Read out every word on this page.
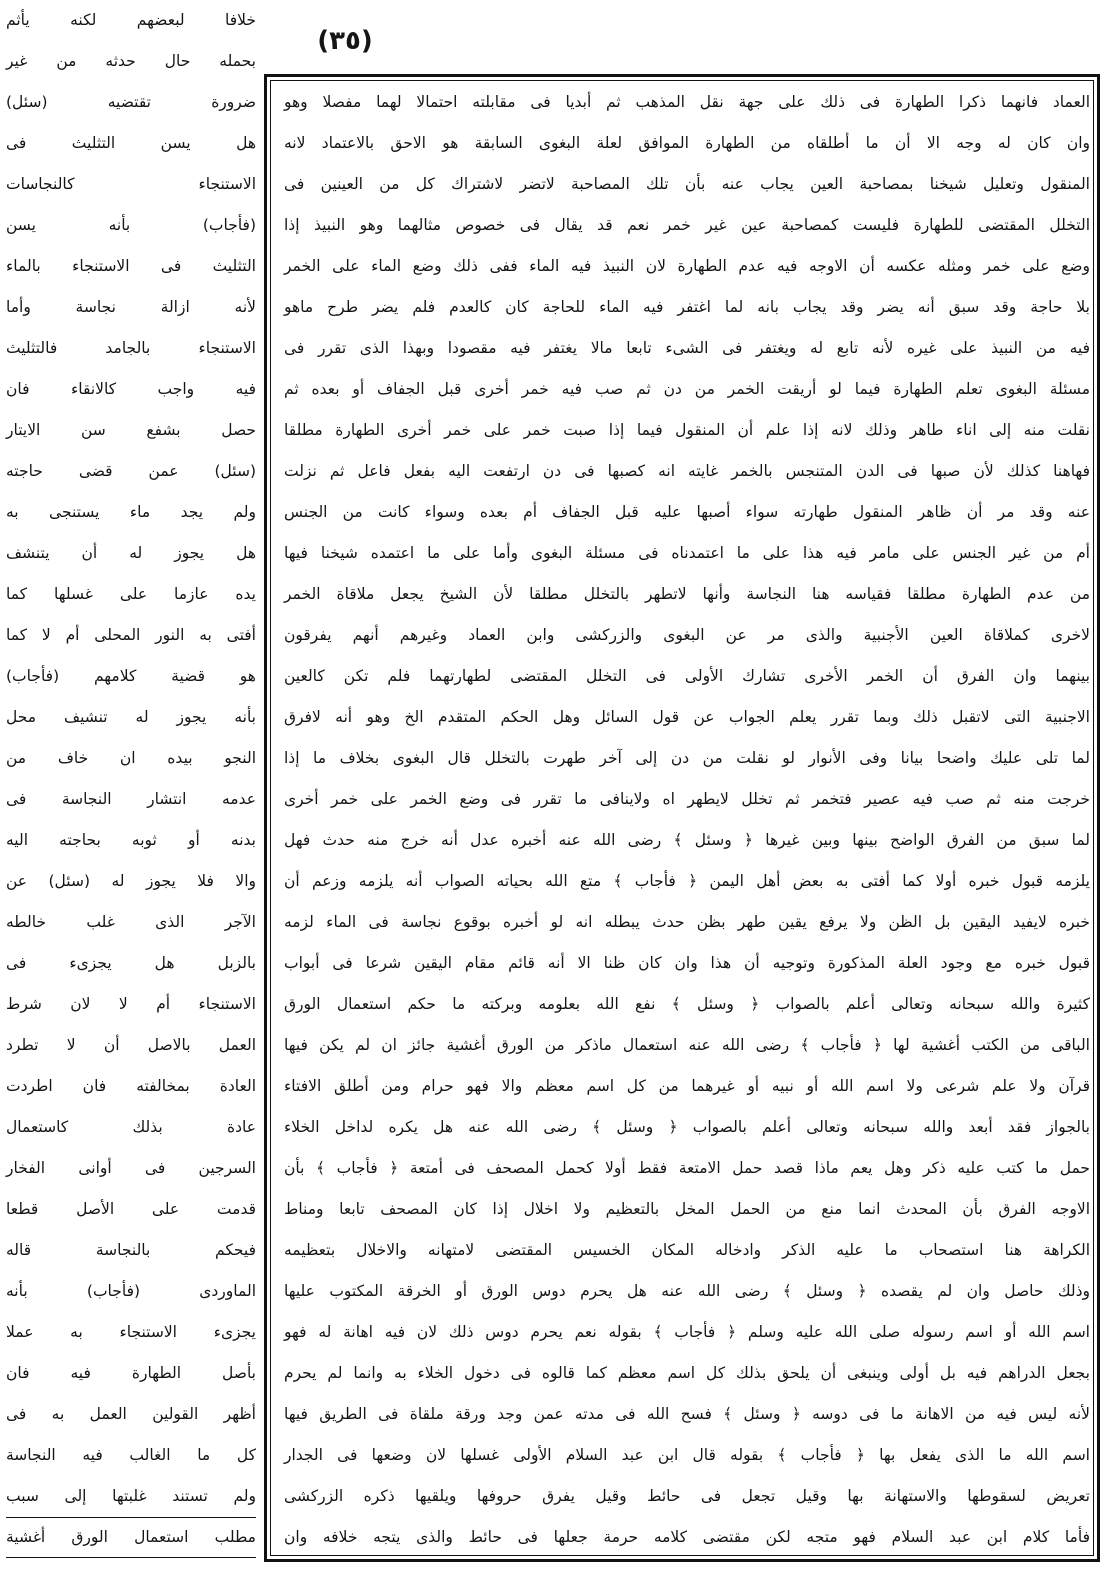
(٣٥)
العماد فانهما ذكرا الطهارة فى ذلك على جهة نقل المذهب ثم أبديا فى مقابلته احتمالا لهما مفصلا وهو
وان كان له وجه الا أن ما أطلقاه من الطهارة الموافق لعلة البغوى السابقة هو الاحق بالاعتماد لانه
المنقول وتعليل شيخنا بمصاحبة العين يجاب عنه بأن تلك المصاحبة لاتضر لاشتراك كل من العينين فى
التخلل المقتضى للطهارة فليست كمصاحبة عين غير خمر نعم قد يقال فى خصوص مثالهما وهو النبيذ إذا
وضع على خمر ومثله عكسه أن الاوجه فيه عدم الطهارة لان النبيذ فيه الماء ففى ذلك وضع الماء على الخمر
بلا حاجة وقد سبق أنه يضر وقد يجاب بانه لما اغتفر فيه الماء للحاجة كان كالعدم فلم يضر طرح ماهو
فيه من النبيذ على غيره لأنه تابع له ويغتفر فى الشىء تابعا مالا يغتفر فيه مقصودا وبهذا الذى تقرر فى
مسئلة البغوى تعلم الطهارة فيما لو أريقت الخمر من دن ثم صب فيه خمر أخرى قبل الجفاف أو بعده ثم
نقلت منه إلى اناء طاهر وذلك لانه إذا علم أن المنقول فيما إذا صبت خمر على خمر أخرى الطهارة مطلقا
فهاهنا كذلك لأن صبها فى الدن المتنجس بالخمر غايته انه كصبها فى دن ارتفعت اليه بفعل فاعل ثم نزلت
عنه وقد مر أن ظاهر المنقول طهارته سواء أصبها عليه قبل الجفاف أم بعده وسواء كانت من الجنس
أم من غير الجنس على مامر فيه هذا على ما اعتمدناه فى مسئلة البغوى وأما على ما اعتمده شيخنا فيها
من عدم الطهارة مطلقا فقياسه هنا النجاسة وأنها لاتطهر بالتخلل مطلقا لأن الشيخ يجعل ملاقاة الخمر
لاخرى كملاقاة العين الأجنبية والذى مر عن البغوى والزركشى وابن العماد وغيرهم أنهم يفرقون
بينهما وان الفرق أن الخمر الأخرى تشارك الأولى فى التخلل المقتضى لطهارتهما فلم تكن كالعين
الاجنبية التى لاتقبل ذلك وبما تقرر يعلم الجواب عن قول السائل وهل الحكم المتقدم الخ وهو أنه لافرق
لما تلى عليك واضحا بيانا وفى الأنوار لو نقلت من دن إلى آخر طهرت بالتخلل قال البغوى بخلاف ما إذا
خرجت منه ثم صب فيه عصير فتخمر ثم تخلل لايطهر اه ولاينافى ما تقرر فى وضع الخمر على خمر أخرى
لما سبق من الفرق الواضح بينها وبين غيرها ﴿ وسئل ﴾ رضى الله عنه أخبره عدل أنه خرج منه حدث فهل
يلزمه قبول خبره أولا كما أفتى به بعض أهل اليمن ﴿ فأجاب ﴾ متع الله بحياته الصواب أنه يلزمه وزعم أن
خبره لايفيد اليقين بل الظن ولا يرفع يقين طهر بظن حدث يبطله انه لو أخبره بوقوع نجاسة فى الماء لزمه
قبول خبره مع وجود العلة المذكورة وتوجيه أن هذا وان كان ظنا الا أنه قائم مقام اليقين شرعا فى أبواب
كثيرة والله سبحانه وتعالى أعلم بالصواب ﴿ وسئل ﴾ نفع الله بعلومه وبركته ما حكم استعمال الورق
الباقى من الكتب أغشية لها ﴿ فأجاب ﴾ رضى الله عنه استعمال ماذكر من الورق أغشية جائز ان لم يكن فيها
قرآن ولا علم شرعى ولا اسم الله أو نبيه أو غيرهما من كل اسم معظم والا فهو حرام ومن أطلق الافتاء
بالجواز فقد أبعد والله سبحانه وتعالى أعلم بالصواب ﴿ وسئل ﴾ رضى الله عنه هل يكره لداخل الخلاء
حمل ما كتب عليه ذكر وهل يعم ماذا قصد حمل الامتعة فقط أولا كحمل المصحف فى أمتعة ﴿ فأجاب ﴾ بأن
الاوجه الفرق بأن المحدث انما منع من الحمل المخل بالتعظيم ولا اخلال إذا كان المصحف تابعا ومناط
الكراهة هنا استصحاب ما عليه الذكر وادخاله المكان الخسيس المقتضى لامتهانه والاخلال بتعظيمه
وذلك حاصل وان لم يقصده ﴿ وسئل ﴾ رضى الله عنه هل يحرم دوس الورق أو الخرقة المكتوب عليها
اسم الله أو اسم رسوله صلى الله عليه وسلم ﴿ فأجاب ﴾ بقوله نعم يحرم دوس ذلك لان فيه اهانة له فهو
بجعل الدراهم فيه بل أولى وينبغى أن يلحق بذلك كل اسم معظم كما قالوه فى دخول الخلاء به وانما لم يحرم
لأنه ليس فيه من الاهانة ما فى دوسه ﴿ وسئل ﴾ فسح الله فى مدته عمن وجد ورقة ملقاة فى الطريق فيها
اسم الله ما الذى يفعل بها ﴿ فأجاب ﴾ بقوله قال ابن عبد السلام الأولى غسلها لان وضعها فى الجدار
تعريض لسقوطها والاستهانة بها وقيل تجعل فى حائط وقيل يفرق حروفها ويلقيها ذكره الزركشى
فأما كلام ابن عبد السلام فهو متجه لكن مقتضى كلامه حرمة جعلها فى حائط والذى يتجه خلافه وان
خلافا لبعضهم لكنه يأثم
بحمله حال حدثه من غير
ضرورة تقتضيه (سئل)
هل يسن التثليث فى
الاستنجاء كالنجاسات
(فأجاب) بأنه يسن
التثليث فى الاستنجاء بالماء
لأنه ازالة نجاسة وأما
الاستنجاء بالجامد فالتثليث
فيه واجب كالانقاء فان
حصل بشفع سن الايتار
(سئل) عمن قضى حاجته
ولم يجد ماء يستنجى به
هل يجوز له أن يتنشف
يده عازما على غسلها كما
أفتى به النور المحلى أم لا كما
هو قضية كلامهم (فأجاب)
بأنه يجوز له تنشيف محل
النجو بيده ان خاف من
عدمه انتشار النجاسة فى
بدنه أو ثوبه بحاجته اليه
والا فلا يجوز له (سئل) عن
الآجر الذى غلب خالطه
بالزبل هل يجزىء فى
الاستنجاء أم لا لان شرط
العمل بالاصل أن لا تطرد
العادة بمخالفته فان اطردت
عادة بذلك كاستعمال
السرجين فى أوانى الفخار
قدمت على الأصل قطعا
فيحكم بالنجاسة قاله
الماوردى (فأجاب) بأنه
يجزىء الاستنجاء به عملا
بأصل الطهارة فيه فان
أظهر القولين العمل به فى
كل ما الغالب فيه النجاسة
ولم تستند غلبتها إلى سبب
مطلب استعمال الورق أغشية
